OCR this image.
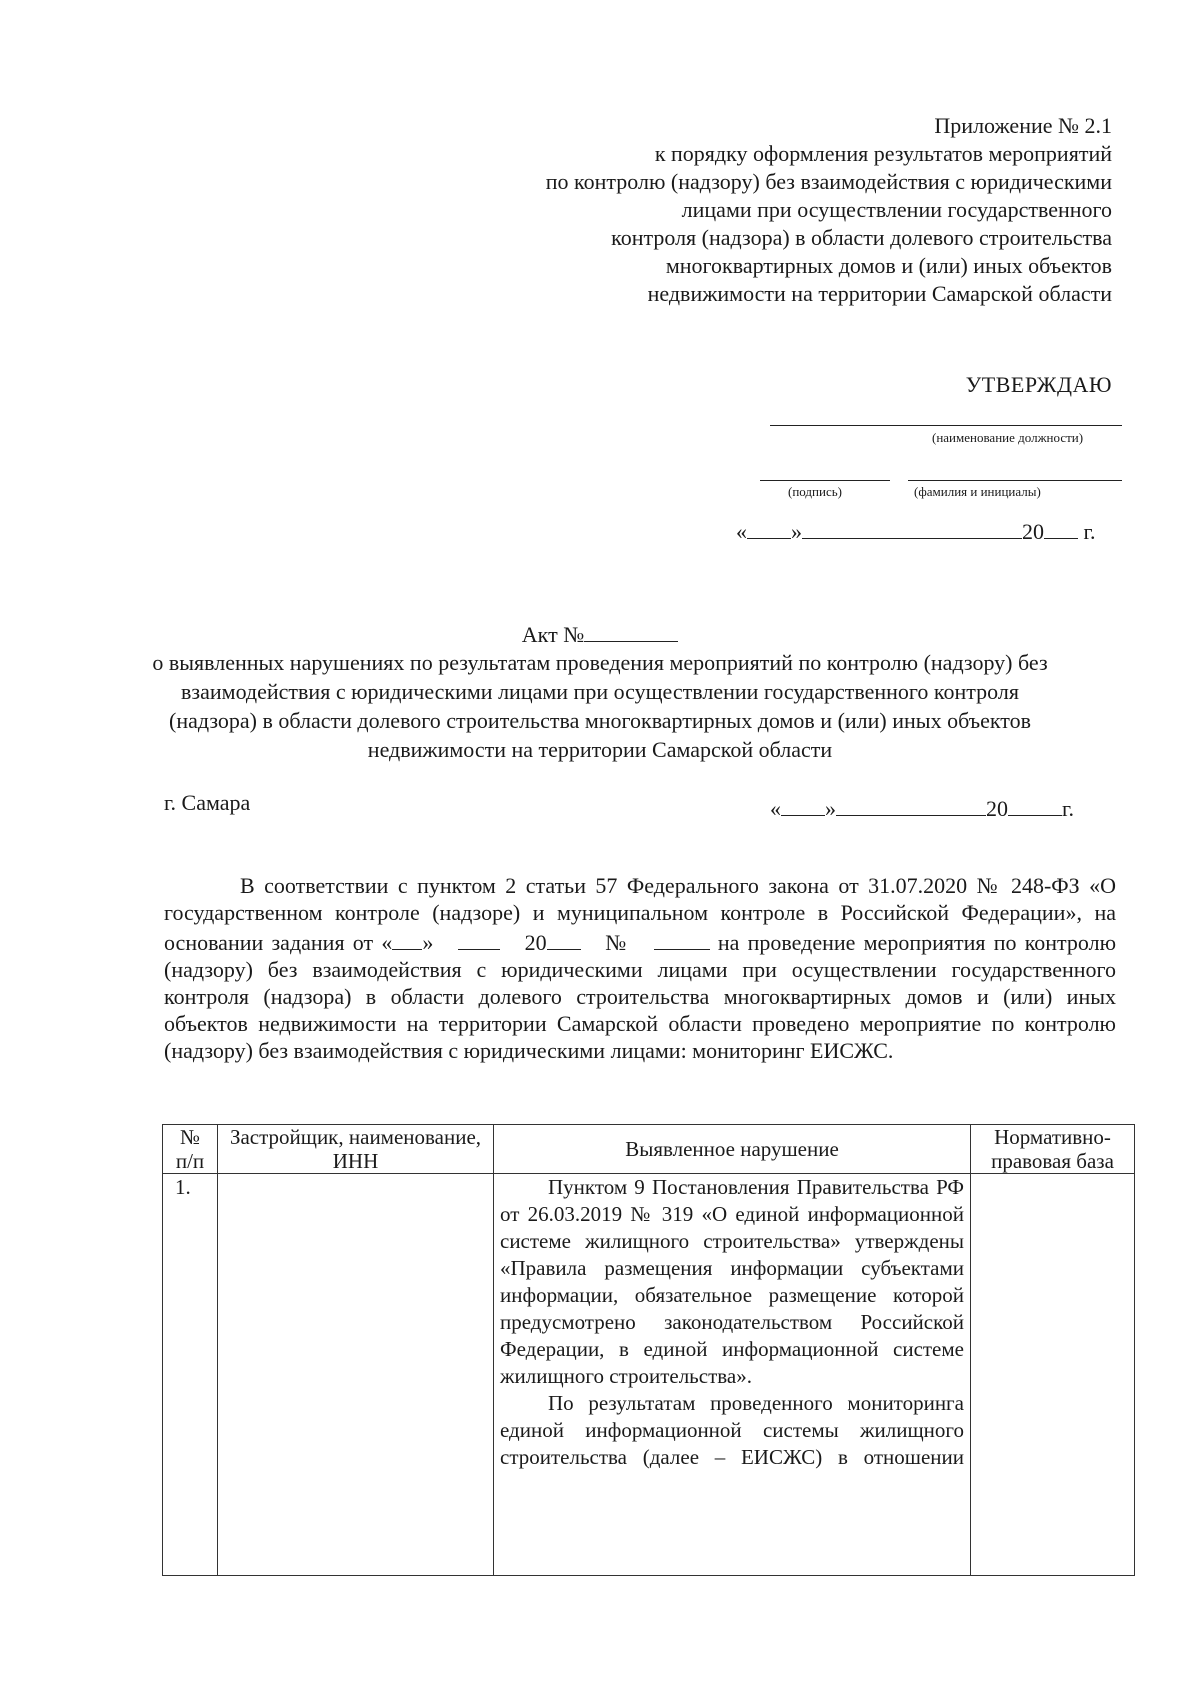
Приложение № 2.1
к порядку оформления результатов мероприятий
по контролю (надзору) без взаимодействия с юридическими
лицами при осуществлении государственного
контроля (надзора) в области долевого строительства
многоквартирных домов и (или) иных объектов
недвижимости на территории Самарской области
УТВЕРЖДАЮ
(наименование должности)
(подпись)	(фамилия и инициалы)
« »	20 г.
Акт №
о выявленных нарушениях по результатам проведения мероприятий по контролю (надзору) без взаимодействия с юридическими лицами при осуществлении государственного контроля (надзора) в области долевого строительства многоквартирных домов и (или) иных объектов недвижимости на территории Самарской области
г. Самара	« »	20 г.

В соответствии с пунктом 2 статьи 57 Федерального закона от 31.07.2020 № 248-ФЗ «О государственном контроле (надзоре) и муниципальном контроле в Российской Федерации», на основании задания от « »	20	№	на проведение мероприятия по контролю (надзору) без взаимодействия с юридическими лицами при осуществлении государственного контроля (надзора) в области долевого строительства многоквартирных домов и (или) иных объектов недвижимости на территории Самарской области проведено мероприятие по контролю (надзору) без взаимодействия с юридическими лицами: мониторинг ЕИСЖС.

№ п/п	Застройщик, наименование, ИНН	Выявленное нарушение	Нормативно-правовая база
1.		Пунктом 9 Постановления Правительства РФ от 26.03.2019 № 319 «О единой информационной системе жилищного строительства» утверждены «Правила размещения информации субъектами информации, обязательное размещение которой предусмотрено законодательством Российской Федерации, в единой информационной системе жилищного строительства».

По результатам проведенного мониторинга единой информационной системы жилищного строительства (далее – ЕИСЖС) в отношении	
